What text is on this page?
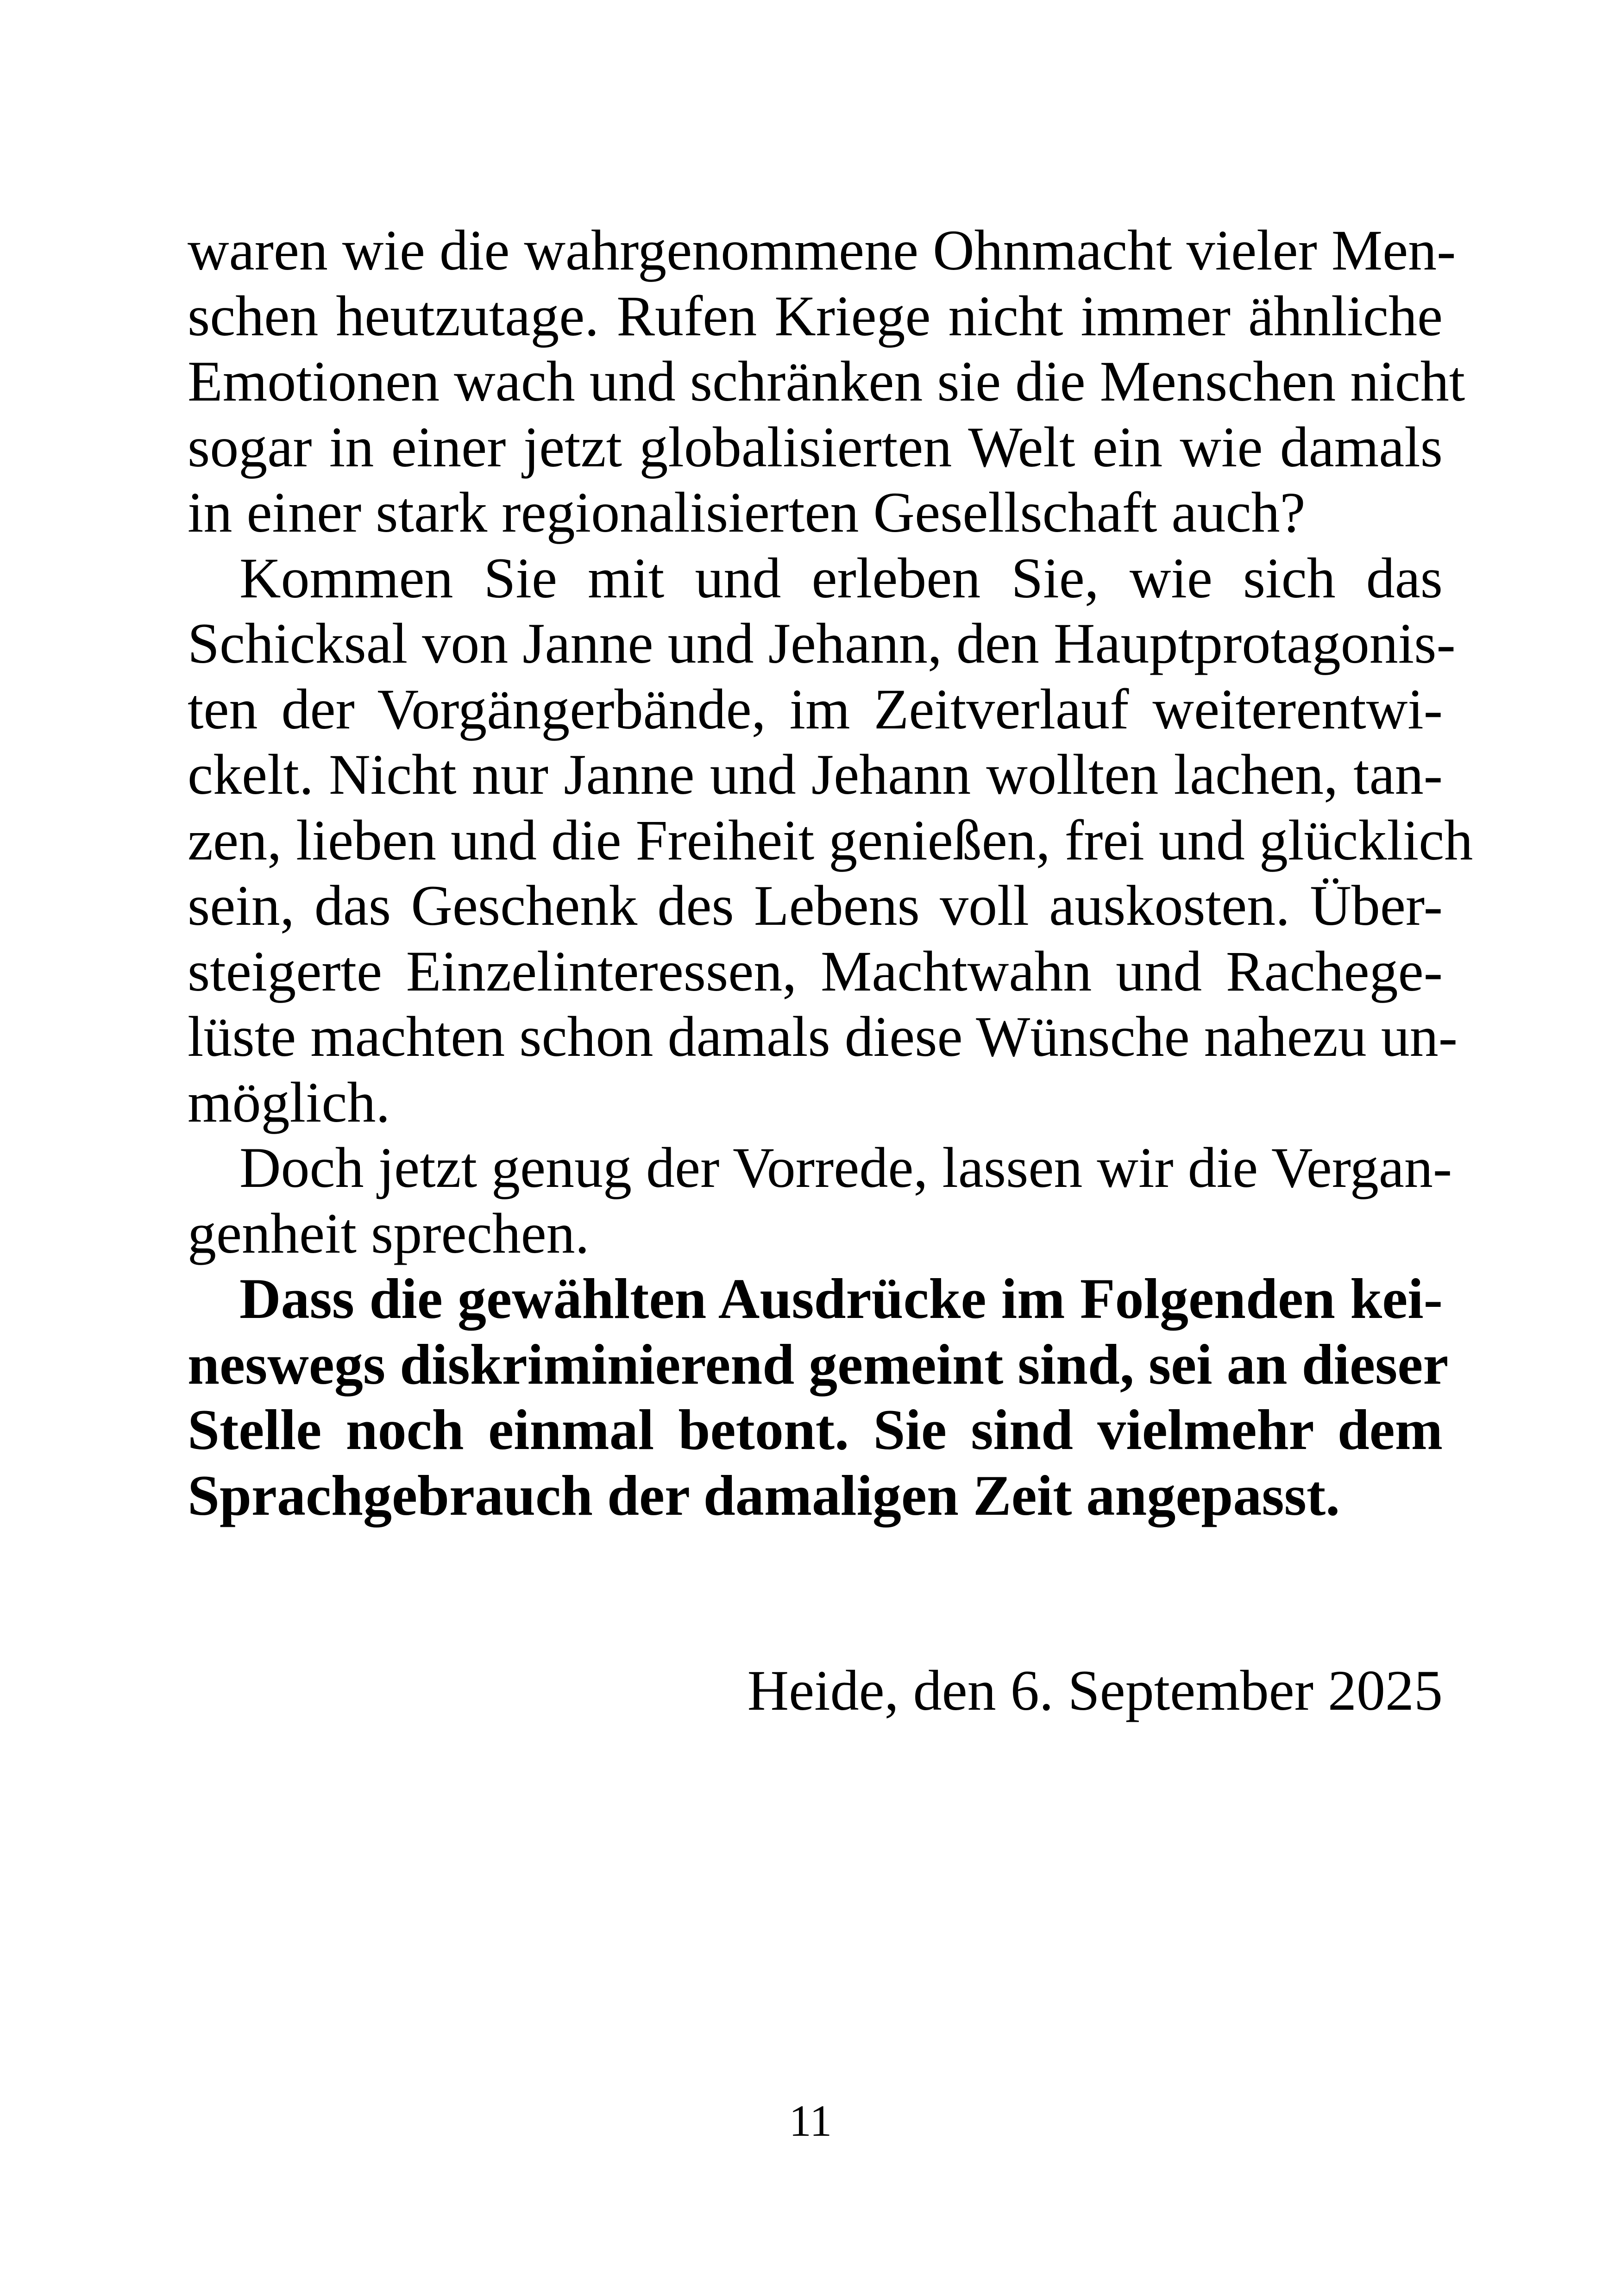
waren wie die wahrgenommene Ohnmacht vieler Men-
schen heutzutage. Rufen Kriege nicht immer ähnliche
Emotionen wach und schränken sie die Menschen nicht
sogar in einer jetzt globalisierten Welt ein wie damals
in einer stark regionalisierten Gesellschaft auch?
Kommen Sie mit und erleben Sie, wie sich das
Schicksal von Janne und Jehann, den Hauptprotagonis-
ten der Vorgängerbände, im Zeitverlauf weiterentwi-
ckelt. Nicht nur Janne und Jehann wollten lachen, tan-
zen, lieben und die Freiheit genießen, frei und glücklich
sein, das Geschenk des Lebens voll auskosten. Über-
steigerte Einzelinteressen, Machtwahn und Rachege-
lüste machten schon damals diese Wünsche nahezu un-
möglich.
Doch jetzt genug der Vorrede, lassen wir die Vergan-
genheit sprechen.
Dass die gewählten Ausdrücke im Folgenden kei-
neswegs diskriminierend gemeint sind, sei an dieser
Stelle noch einmal betont. Sie sind vielmehr dem
Sprachgebrauch der damaligen Zeit angepasst.
Heide, den 6. September 2025
11
